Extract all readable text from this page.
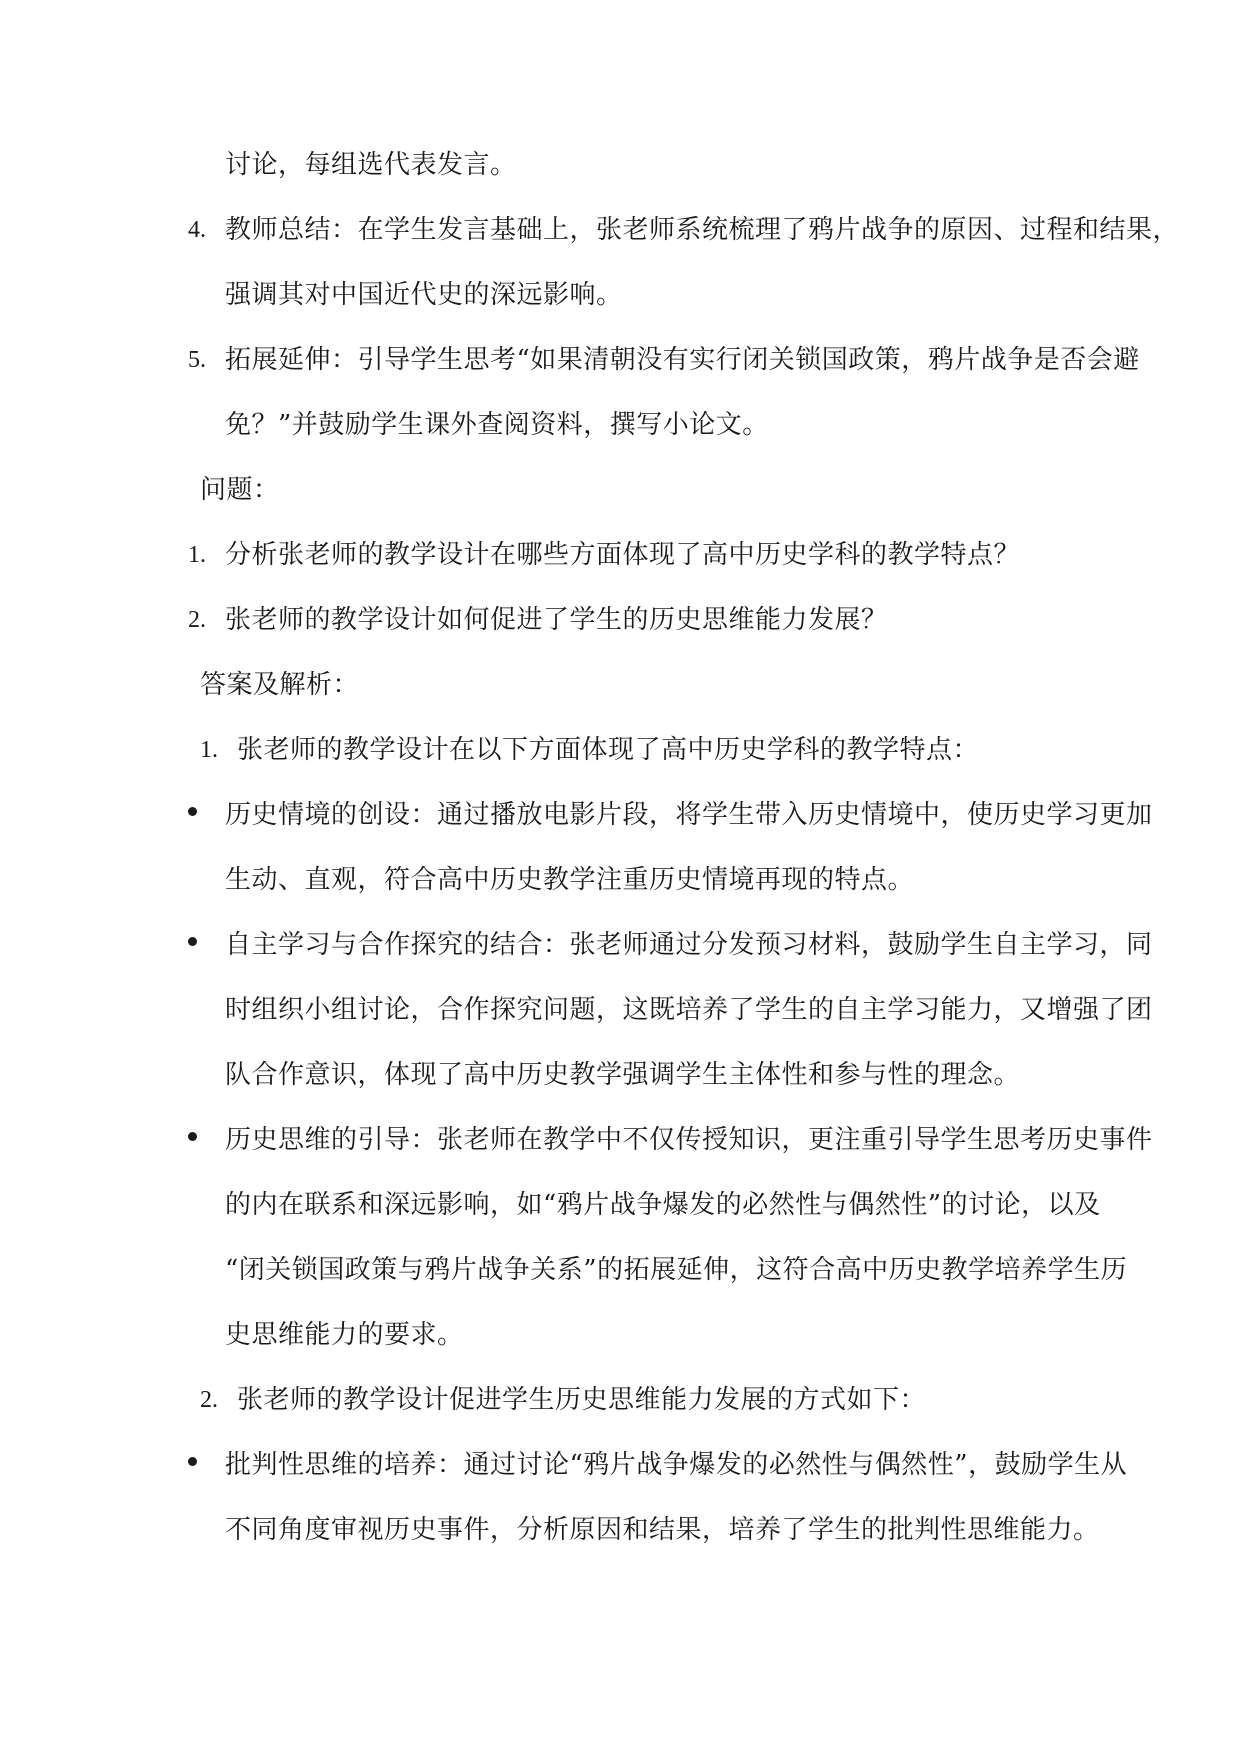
讨论，每组选代表发言。
4. 教师总结：在学生发言基础上，张老师系统梳理了鸦片战争的原因、过程和结果，
强调其对中国近代史的深远影响。
5. 拓展延伸：引导学生思考“如果清朝没有实行闭关锁国政策，鸦片战争是否会避
免？”并鼓励学生课外查阅资料，撰写小论文。
问题：
1. 分析张老师的教学设计在哪些方面体现了高中历史学科的教学特点？
2. 张老师的教学设计如何促进了学生的历史思维能力发展？
答案及解析：
1. 张老师的教学设计在以下方面体现了高中历史学科的教学特点：
历史情境的创设：通过播放电影片段，将学生带入历史情境中，使历史学习更加
生动、直观，符合高中历史教学注重历史情境再现的特点。
自主学习与合作探究的结合：张老师通过分发预习材料，鼓励学生自主学习，同
时组织小组讨论，合作探究问题，这既培养了学生的自主学习能力，又增强了团
队合作意识，体现了高中历史教学强调学生主体性和参与性的理念。
历史思维的引导：张老师在教学中不仅传授知识，更注重引导学生思考历史事件
的内在联系和深远影响，如“鸦片战争爆发的必然性与偶然性”的讨论，以及
“闭关锁国政策与鸦片战争关系”的拓展延伸，这符合高中历史教学培养学生历
史思维能力的要求。
2. 张老师的教学设计促进学生历史思维能力发展的方式如下：
批判性思维的培养：通过讨论“鸦片战争爆发的必然性与偶然性”，鼓励学生从
不同角度审视历史事件，分析原因和结果，培养了学生的批判性思维能力。
